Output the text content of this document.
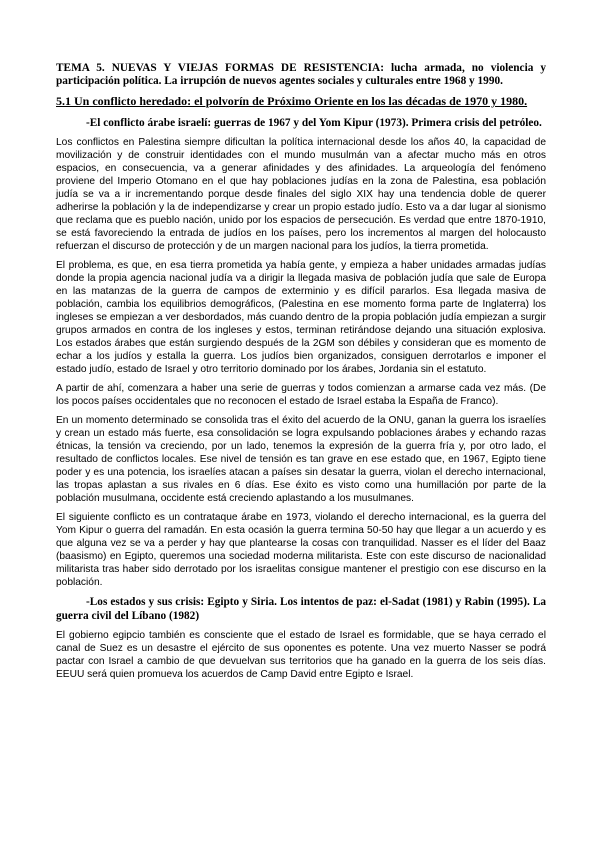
TEMA 5. NUEVAS Y VIEJAS FORMAS DE RESISTENCIA: lucha armada, no violencia y participación política. La irrupción de nuevos agentes sociales y culturales entre 1968 y 1990.

5.1 Un conflicto heredado: el polvorín de Próximo Oriente en los las décadas de 1970 y 1980.

-El conflicto árabe israelí: guerras de 1967 y del Yom Kipur (1973). Primera crisis del petróleo.

Los conflictos en Palestina siempre dificultan la política internacional desde los años 40, la capacidad de movilización y de construir identidades con el mundo musulmán van a afectar mucho más en otros espacios, en consecuencia, va a generar afinidades y des afinidades. La arqueología del fenómeno proviene del Imperio Otomano en el que hay poblaciones judías en la zona de Palestina, esa población judía se va a ir incrementando porque desde finales del siglo XIX hay una tendencia doble de querer adherirse la población y la de independizarse y crear un propio estado judío. Esto va a dar lugar al sionismo que reclama que es pueblo nación, unido por los espacios de persecución. Es verdad que entre 1870-1910, se está favoreciendo la entrada de judíos en los países, pero los incrementos al margen del holocausto refuerzan el discurso de protección y de un margen nacional para los judíos, la tierra prometida.

El problema, es que, en esa tierra prometida ya había gente, y empieza a haber unidades armadas judías donde la propia agencia nacional judía va a dirigir la llegada masiva de población judía que sale de Europa en las matanzas de la guerra de campos de exterminio y es difícil pararlos. Esa llegada masiva de población, cambia los equilibrios demográficos, (Palestina en ese momento forma parte de Inglaterra) los ingleses se empiezan a ver desbordados, más cuando dentro de la propia población judía empiezan a surgir grupos armados en contra de los ingleses y estos, terminan retirándose dejando una situación explosiva. Los estados árabes que están surgiendo después de la 2GM son débiles y consideran que es momento de echar a los judíos y estalla la guerra. Los judíos bien organizados, consiguen derrotarlos e imponer el estado judío, estado de Israel y otro territorio dominado por los árabes, Jordania sin el estatuto.

A partir de ahí, comenzara a haber una serie de guerras y todos comienzan a armarse cada vez más. (De los pocos países occidentales que no reconocen el estado de Israel estaba la España de Franco).

En un momento determinado se consolida tras el éxito del acuerdo de la ONU, ganan la guerra los israelíes y crean un estado más fuerte, esa consolidación se logra expulsando poblaciones árabes y echando razas étnicas, la tensión va creciendo, por un lado, tenemos la expresión de la guerra fría y, por otro lado, el resultado de conflictos locales. Ese nivel de tensión es tan grave en ese estado que, en 1967, Egipto tiene poder y es una potencia, los israelíes atacan a países sin desatar la guerra, violan el derecho internacional, las tropas aplastan a sus rivales en 6 días. Ese éxito es visto como una humillación por parte de la población musulmana, occidente está creciendo aplastando a los musulmanes.

El siguiente conflicto es un contrataque árabe en 1973, violando el derecho internacional, es la guerra del Yom Kipur o guerra del ramadán. En esta ocasión la guerra termina 50-50 hay que llegar a un acuerdo y es que alguna vez se va a perder y hay que plantearse la cosas con tranquilidad. Nasser es el líder del Baaz (baasismo) en Egipto, queremos una sociedad moderna militarista. Este con este discurso de nacionalidad militarista tras haber sido derrotado por los israelitas consigue mantener el prestigio con ese discurso en la población.

-Los estados y sus crisis: Egipto y Siria. Los intentos de paz: el-Sadat (1981) y Rabin (1995). La guerra civil del Líbano (1982)

El gobierno egipcio también es consciente que el estado de Israel es formidable, que se haya cerrado el canal de Suez es un desastre el ejército de sus oponentes es potente. Una vez muerto Nasser se podrá pactar con Israel a cambio de que devuelvan sus territorios que ha ganado en la guerra de los seis días. EEUU será quien promueva los acuerdos de Camp David entre Egipto e Israel.
